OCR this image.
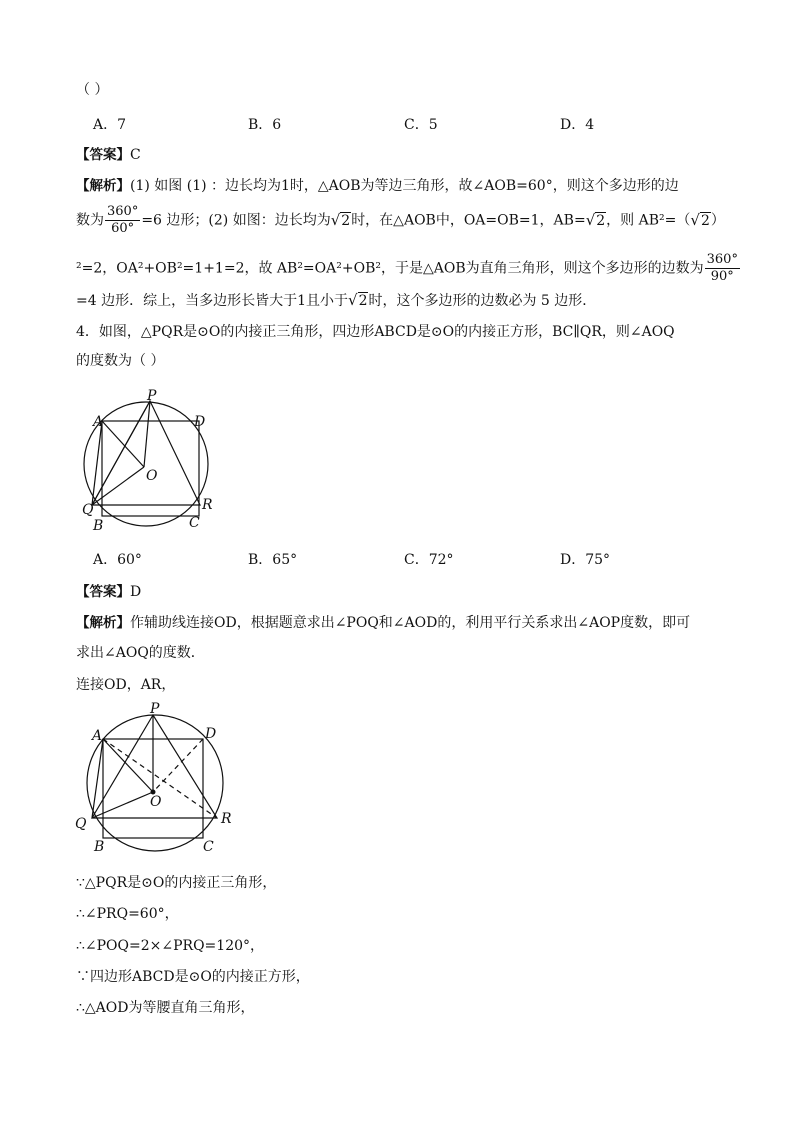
（ ）
A．7	B．6	C．5	D．4
【答案】C
【解析】(1) 如图 (1) ：边长均为1时，△AOB为等边三角形，故∠AOB=60°，则这个多边形的边
数为 $\frac{360^\circ}{60^\circ} =6$ 边形；(2) 如图：边长均为√2时，在△AOB中，OA=OB=1，AB=√2，则 AB²=（√2）
²=2，OA²+OB²=1+1=2，故 AB²=OA²+OB²，于是△AOB为直角三角形，则这个多边形的边数为 $\frac{360^\circ}{90^\circ}$
=4 边形．综上，当多边形长皆大于1且小于√2时，这个多边形的边数必为 5 边形．
4．如图，△PQR是⊙O的内接正三角形，四边形ABCD是⊙O的内接正方形，BC∥QR，则∠AOQ
的度数为（ ）
A
P
D
O
Q	R
B	C
A．60°	B．65°	C．72°	D．75°
【答案】D
【解析】作辅助线连接OD，根据题意求出∠POQ和∠AOD的，利用平行关系求出∠AOP度数，即可
求出∠AOQ的度数．
连接OD，AR，
A
P
D
O
Q	R
B	C
∵△PQR是⊙O的内接正三角形，
∴∠PRQ=60°，
∴∠POQ=2×∠PRQ=120°，
∵四边形ABCD是⊙O的内接正方形，
∴△AOD为等腰直角三角形，
